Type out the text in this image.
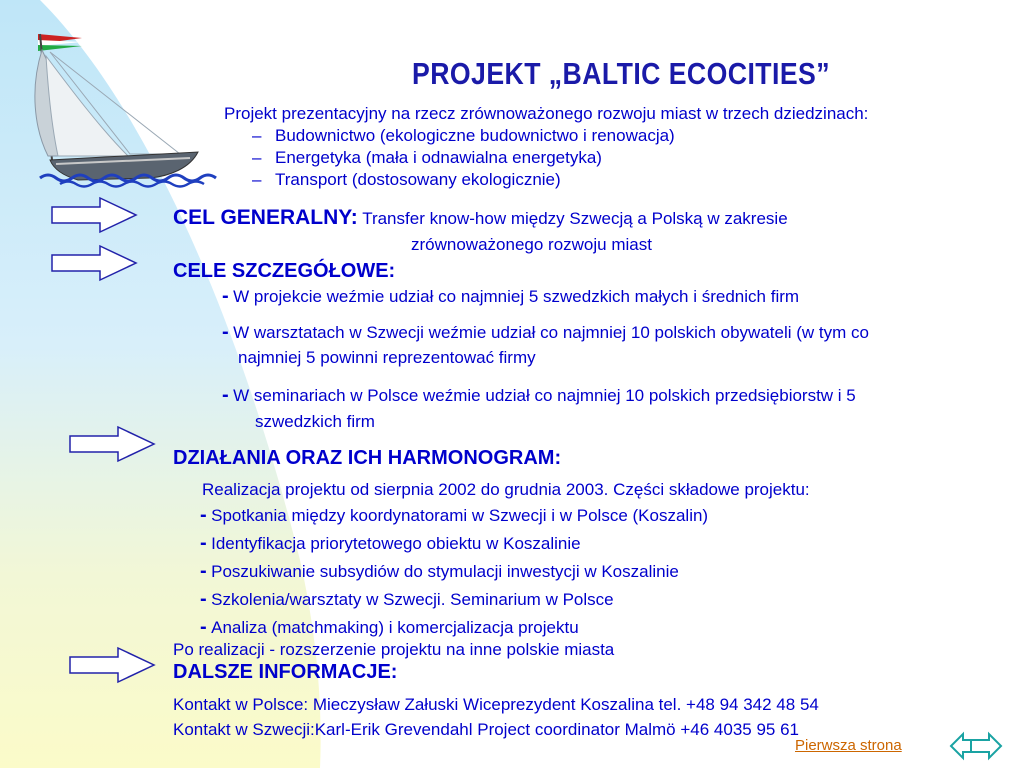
PROJEKT „BALTIC ECOCITIES”
Projekt prezentacyjny na rzecz zrównoważonego rozwoju miast w trzech dziedzinach:
– Budownictwo (ekologiczne budownictwo i renowacja)
– Energetyka (mała i odnawialna energetyka)
– Transport (dostosowany ekologicznie)
CEL GENERALNY: Transfer know-how między Szwecją a Polską w zakresie
zrównoważonego rozwoju miast
CELE SZCZEGÓŁOWE:
- W projekcie weźmie udział co najmniej 5 szwedzkich małych i średnich firm
- W warsztatach w Szwecji weźmie udział co najmniej 10 polskich obywateli (w tym co
najmniej 5 powinni reprezentować firmy
- W seminariach w Polsce weźmie udział co najmniej 10 polskich przedsiębiorstw i 5
szwedzkich firm
DZIAŁANIA ORAZ ICH HARMONOGRAM:
Realizacja projektu od sierpnia 2002 do grudnia 2003. Części składowe projektu:
- Spotkania między koordynatorami w Szwecji i w Polsce (Koszalin)
- Identyfikacja priorytetowego obiektu w Koszalinie
- Poszukiwanie subsydiów do stymulacji inwestycji w Koszalinie
- Szkolenia/warsztaty w Szwecji. Seminarium w Polsce
- Analiza (matchmaking) i komercjalizacja projektu
Po realizacji - rozszerzenie projektu na inne polskie miasta
DALSZE INFORMACJE:
Kontakt w Polsce: Mieczysław Załuski Wiceprezydent Koszalina tel. +48 94 342 48 54
Kontakt w Szwecji:Karl-Erik Grevendahl Project coordinator Malmö +46 4035 95 61
Pierwsza strona
